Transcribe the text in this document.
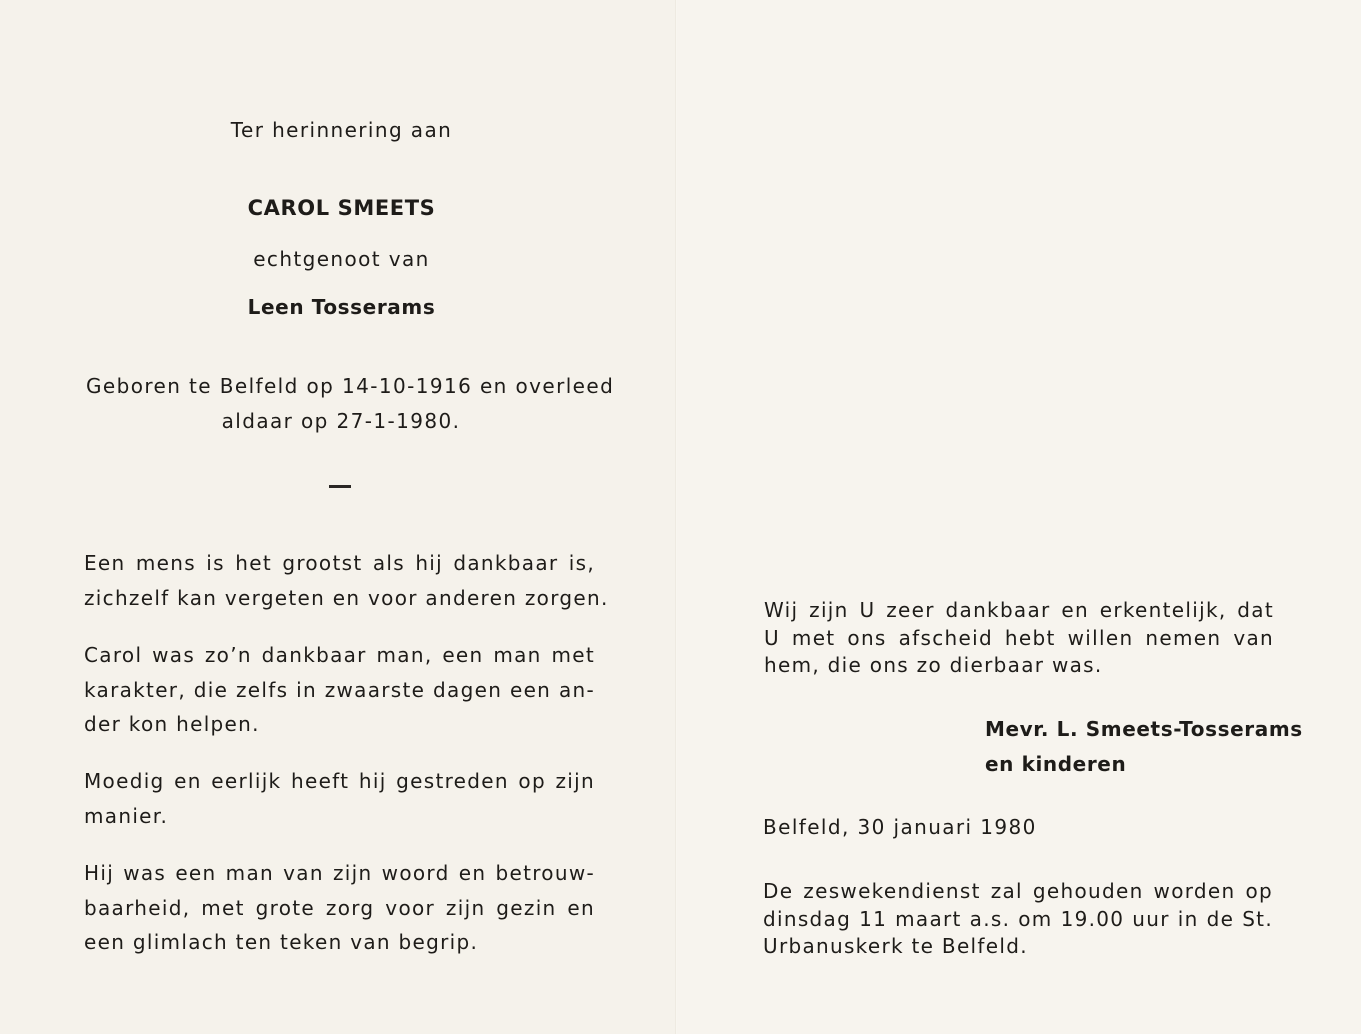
Ter herinnering aan
CAROL SMEETS
echtgenoot van
Leen Tosserams
Geboren te Belfeld op 14-10-1916 en overleed
aldaar op 27-1-1980.
Een mens is het grootst als hij dankbaar is,
zichzelf kan vergeten en voor anderen zorgen.
Carol was zo’n dankbaar man, een man met
karakter, die zelfs in zwaarste dagen een an-
der kon helpen.
Moedig en eerlijk heeft hij gestreden op zijn
manier.
Hij was een man van zijn woord en betrouw-
baarheid, met grote zorg voor zijn gezin en
een glimlach ten teken van begrip.
Wij zijn U zeer dankbaar en erkentelijk, dat
U met ons afscheid hebt willen nemen van
hem, die ons zo dierbaar was.
Mevr. L. Smeets-Tosserams
en kinderen
Belfeld, 30 januari 1980
De zeswekendienst zal gehouden worden op
dinsdag 11 maart a.s. om 19.00 uur in de St.
Urbanuskerk te Belfeld.
